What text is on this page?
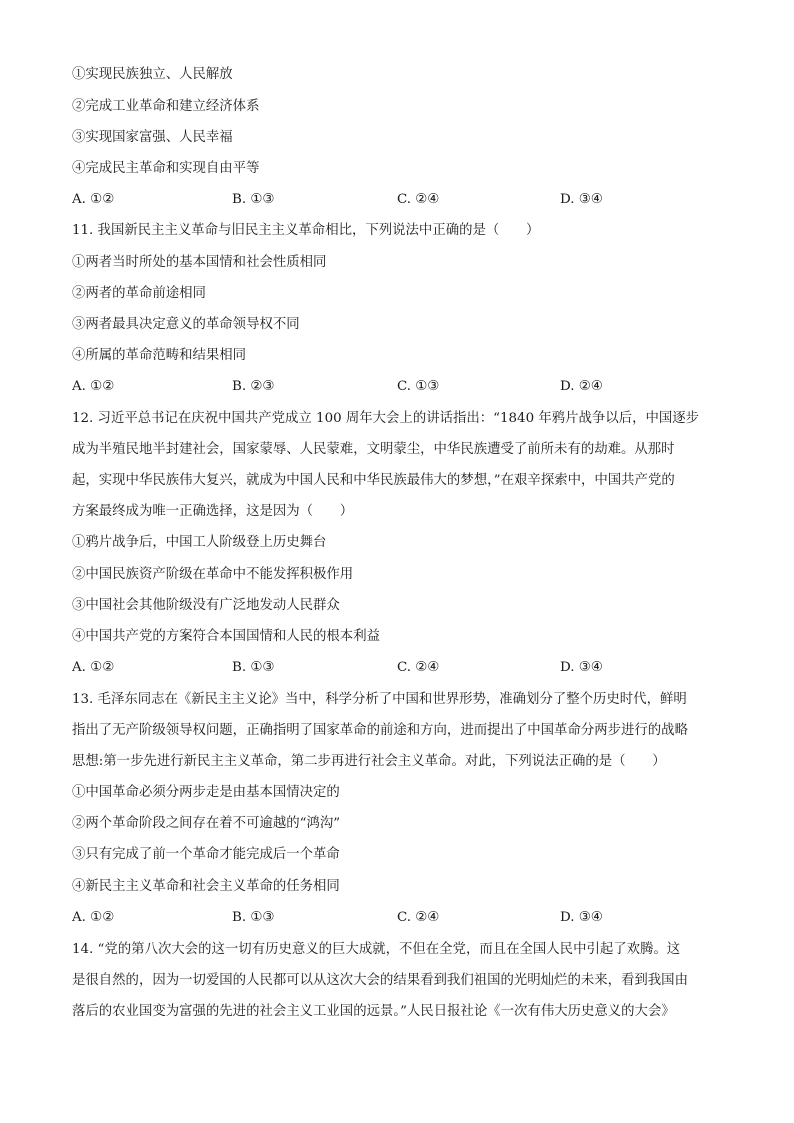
①实现民族独立、人民解放
②完成工业革命和建立经济体系
③实现国家富强、人民幸福
④完成民主革命和实现自由平等
A. ①②	B. ①③	C. ②④	D. ③④
11. 我国新民主主义革命与旧民主主义革命相比，下列说法中正确的是（　　）
①两者当时所处的基本国情和社会性质相同
②两者的革命前途相同
③两者最具决定意义的革命领导权不同
④所属的革命范畴和结果相同
A. ①②	B. ②③	C. ①③	D. ②④
12. 习近平总书记在庆祝中国共产党成立 100 周年大会上的讲话指出：“1840 年鸦片战争以后，中国逐步
成为半殖民地半封建社会，国家蒙辱、人民蒙难，文明蒙尘，中华民族遭受了前所未有的劫难。从那时
起，实现中华民族伟大复兴，就成为中国人民和中华民族最伟大的梦想，”在艰辛探索中，中国共产党的
方案最终成为唯一正确选择，这是因为（　　）
①鸦片战争后，中国工人阶级登上历史舞台
②中国民族资产阶级在革命中不能发挥积极作用
③中国社会其他阶级没有广泛地发动人民群众
④中国共产党的方案符合本国国情和人民的根本利益
A. ①②	B. ①③	C. ②④	D. ③④
13. 毛泽东同志在《新民主主义论》当中，科学分析了中国和世界形势，准确划分了整个历史时代，鲜明
指出了无产阶级领导权问题，正确指明了国家革命的前途和方向，进而提出了中国革命分两步进行的战略
思想:第一步先进行新民主主义革命，第二步再进行社会主义革命。对此，下列说法正确的是（　　）
①中国革命必须分两步走是由基本国情决定的
②两个革命阶段之间存在着不可逾越的“鸿沟”
③只有完成了前一个革命才能完成后一个革命
④新民主主义革命和社会主义革命的任务相同
A. ①②	B. ①③	C. ②④	D. ③④
14. “党的第八次大会的这一切有历史意义的巨大成就，不但在全党，而且在全国人民中引起了欢腾。这
是很自然的，因为一切爱国的人民都可以从这次大会的结果看到我们祖国的光明灿烂的未来，看到我国由
落后的农业国变为富强的先进的社会主义工业国的远景。”人民日报社论《一次有伟大历史意义的大会》
